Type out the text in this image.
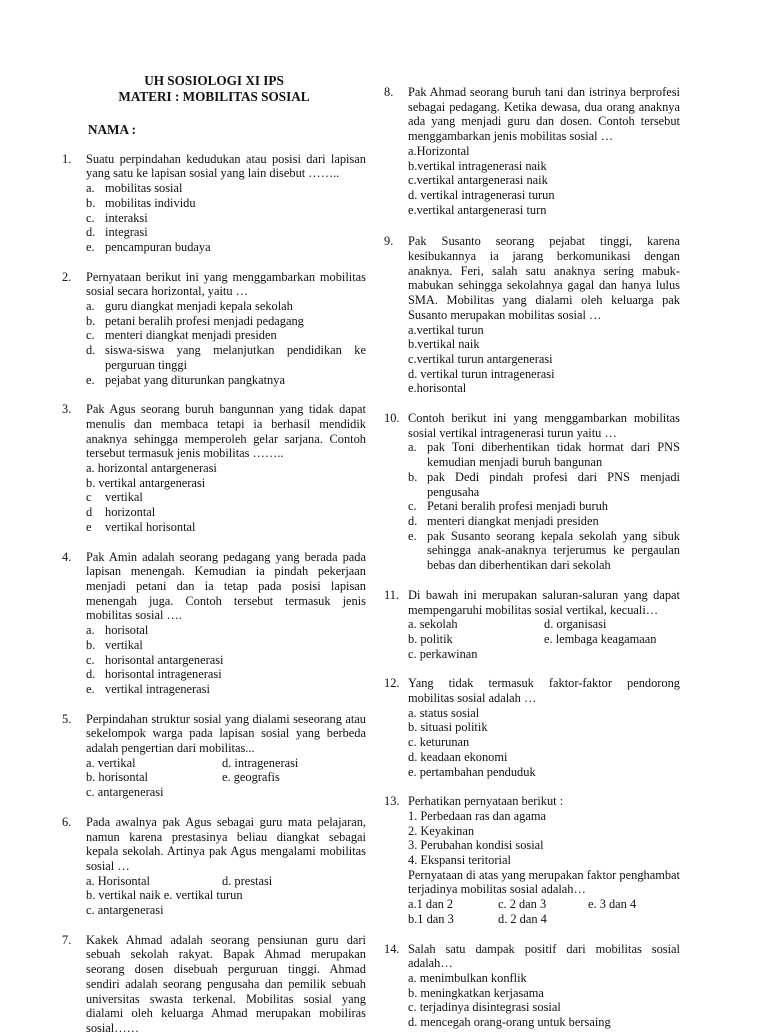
UH SOSIOLOGI XI IPS
MATERI : MOBILITAS SOSIAL
NAMA :
1. Suatu perpindahan kedudukan atau posisi dari lapisan yang satu ke lapisan sosial yang lain disebut ……..
a. mobilitas sosial
b. mobilitas individu
c. interaksi
d. integrasi
e. pencampuran budaya
2. Pernyataan berikut ini yang menggambarkan mobilitas sosial secara horizontal, yaitu …
a. guru diangkat menjadi kepala sekolah
b. petani beralih profesi menjadi pedagang
c. menteri diangkat menjadi presiden
d. siswa-siswa yang melanjutkan pendidikan ke perguruan tinggi
e. pejabat yang diturunkan pangkatnya
3. Pak Agus seorang buruh bangunnan yang tidak dapat menulis dan membaca tetapi ia berhasil mendidik anaknya sehingga memperoleh gelar sarjana. Contoh tersebut termasuk jenis mobilitas ……..
a. horizontal antargenerasi
b. vertikal antargenerasi
c vertikal
d horizontal
e vertikal horisontal
4. Pak Amin adalah seorang pedagang yang berada pada lapisan menengah. Kemudian ia pindah pekerjaan menjadi petani dan ia tetap pada posisi lapisan menengah juga. Contoh tersebut termasuk jenis mobilitas sosial ….
a. horisotal
b. vertikal
c. horisontal antargenerasi
d. horisontal intragenerasi
e. vertikal intragenerasi
5. Perpindahan struktur sosial yang dialami seseorang atau sekelompok warga pada lapisan sosial yang berbeda adalah pengertian dari mobilitas...
a. vertikal	d. intragenerasi
b. horisontal	e. geografis
c. antargenerasi
6. Pada awalnya pak Agus sebagai guru mata pelajaran, namun karena prestasinya beliau diangkat sebagai kepala sekolah. Artinya pak Agus mengalami mobilitas sosial …
a. Horisontal	d. prestasi
b. vertikal naik e. vertikal turun
c. antargenerasi
7. Kakek Ahmad adalah seorang pensiunan guru dari sebuah sekolah rakyat. Bapak Ahmad merupakan seorang dosen disebuah perguruan tinggi. Ahmad sendiri adalah seorang pengusaha dan pemilik sebuah universitas swasta terkenal. Mobilitas sosial yang dialami oleh keluarga Ahmad merupakan mobiliras sosial……
8. Pak Ahmad seorang buruh tani dan istrinya berprofesi sebagai pedagang. Ketika dewasa, dua orang anaknya ada yang menjadi guru dan dosen. Contoh tersebut menggambarkan jenis mobilitas sosial …
a.Horizontal
b.vertikal intragenerasi naik
c.vertikal antargenerasi naik
d. vertikal intragenerasi turun
e.vertikal antargenerasi turn
9. Pak Susanto seorang pejabat tinggi, karena kesibukannya ia jarang berkomunikasi dengan anaknya. Feri, salah satu anaknya sering mabuk-mabukan sehingga sekolahnya gagal dan hanya lulus SMA. Mobilitas yang dialami oleh keluarga pak Susanto merupakan mobilitas sosial …
a.vertikal turun
b.vertikal naik
c.vertikal turun antargenerasi
d. vertikal turun intragenerasi
e.horisontal
10. Contoh berikut ini yang menggambarkan mobilitas sosial vertikal intragenerasi turun yaitu …
a. pak Toni diberhentikan tidak hormat dari PNS kemudian menjadi buruh bangunan
b. pak Dedi pindah profesi dari PNS menjadi pengusaha
c. Petani beralih profesi menjadi buruh
d. menteri diangkat menjadi presiden
e. pak Susanto seorang kepala sekolah yang sibuk sehingga anak-anaknya terjerumus ke pergaulan bebas dan diberhentikan dari sekolah
11. Di bawah ini merupakan saluran-saluran yang dapat mempengaruhi mobilitas sosial vertikal, kecuali…
a. sekolah	d. organisasi
b. politik	e. lembaga keagamaan
c. perkawinan
12. Yang tidak termasuk faktor-faktor pendorong mobilitas sosial adalah …
a. status sosial
b. situasi politik
c. keturunan
d. keadaan ekonomi
e. pertambahan penduduk
13. Perhatikan pernyataan berikut :
1. Perbedaan ras dan agama
2. Keyakinan
3. Perubahan kondisi sosial
4. Ekspansi teritorial
Pernyataan di atas yang merupakan faktor penghambat terjadinya mobilitas sosial adalah…
a.1 dan 2	c. 2 dan 3	e. 3 dan 4
b.1 dan 3	d. 2 dan 4
14. Salah satu dampak positif dari mobilitas sosial adalah…
a. menimbulkan konflik
b. meningkatkan kerjasama
c. terjadinya disintegrasi sosial
d. mencegah orang-orang untuk bersaing
